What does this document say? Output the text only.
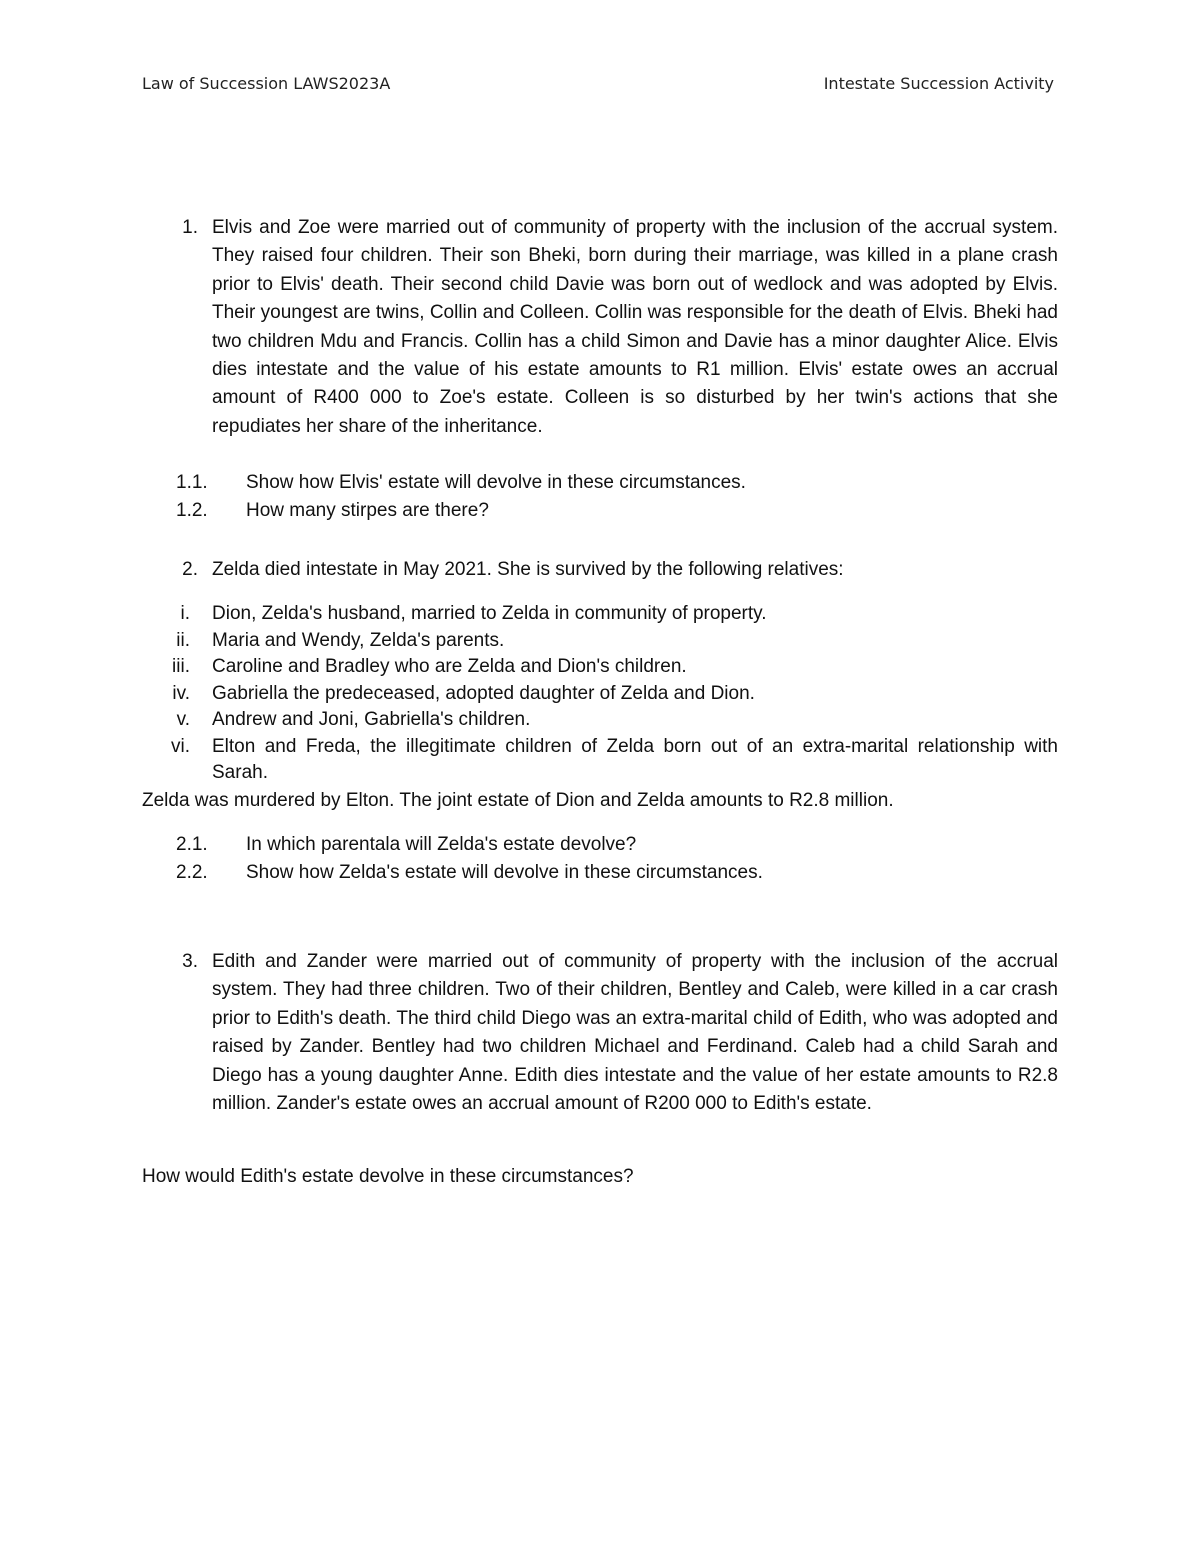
Law of Succession LAWS2023A	Intestate Succession Activity
1. Elvis and Zoe were married out of community of property with the inclusion of the accrual system. They raised four children. Their son Bheki, born during their marriage, was killed in a plane crash prior to Elvis' death. Their second child Davie was born out of wedlock and was adopted by Elvis. Their youngest are twins, Collin and Colleen. Collin was responsible for the death of Elvis. Bheki had two children Mdu and Francis. Collin has a child Simon and Davie has a minor daughter Alice. Elvis dies intestate and the value of his estate amounts to R1 million. Elvis' estate owes an accrual amount of R400 000 to Zoe's estate. Colleen is so disturbed by her twin's actions that she repudiates her share of the inheritance.
1.1.	Show how Elvis' estate will devolve in these circumstances.
1.2.	How many stirpes are there?
2. Zelda died intestate in May 2021. She is survived by the following relatives:
i. Dion, Zelda's husband, married to Zelda in community of property.
ii. Maria and Wendy, Zelda's parents.
iii. Caroline and Bradley who are Zelda and Dion's children.
iv. Gabriella the predeceased, adopted daughter of Zelda and Dion.
v. Andrew and Joni, Gabriella's children.
vi. Elton and Freda, the illegitimate children of Zelda born out of an extra-marital relationship with Sarah.
Zelda was murdered by Elton. The joint estate of Dion and Zelda amounts to R2.8 million.
2.1.	In which parentala will Zelda's estate devolve?
2.2.	Show how Zelda's estate will devolve in these circumstances.
3. Edith and Zander were married out of community of property with the inclusion of the accrual system. They had three children. Two of their children, Bentley and Caleb, were killed in a car crash prior to Edith's death. The third child Diego was an extra-marital child of Edith, who was adopted and raised by Zander. Bentley had two children Michael and Ferdinand. Caleb had a child Sarah and Diego has a young daughter Anne. Edith dies intestate and the value of her estate amounts to R2.8 million. Zander's estate owes an accrual amount of R200 000 to Edith's estate.
How would Edith's estate devolve in these circumstances?
